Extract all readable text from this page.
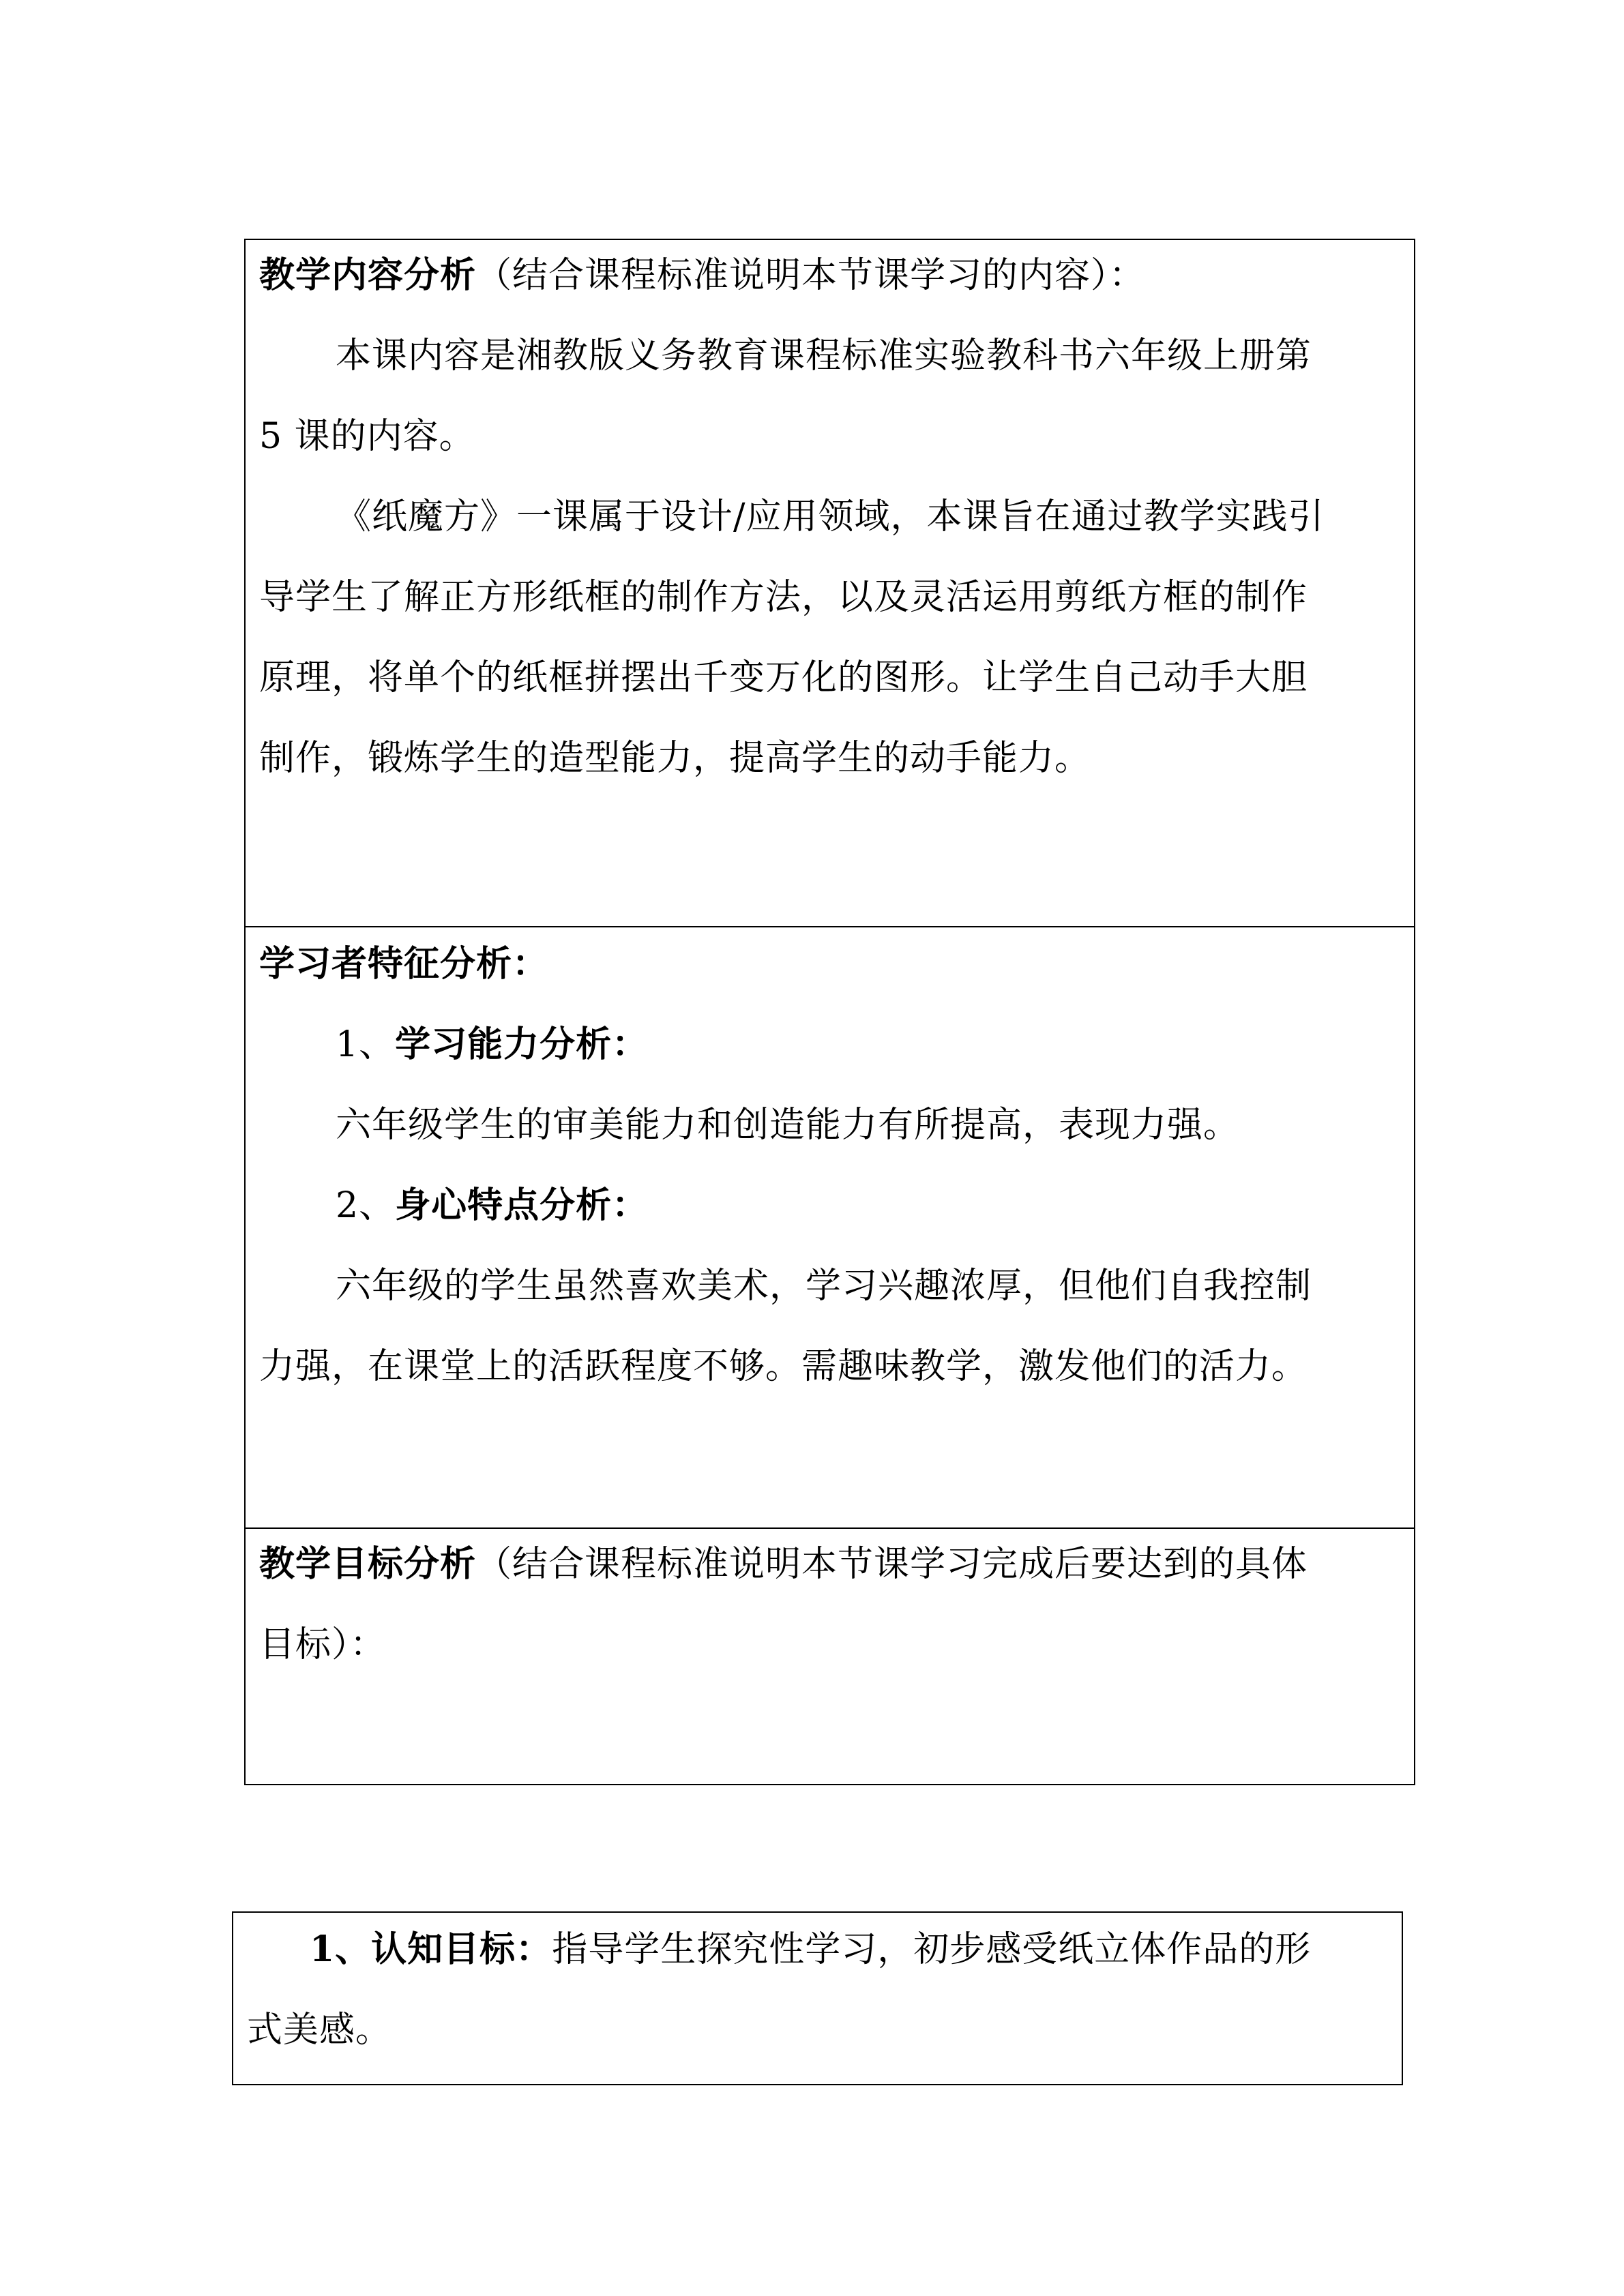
教学内容分析（结合课程标准说明本节课学习的内容）：
本课内容是湘教版义务教育课程标准实验教科书六年级上册第
5 课的内容。
《纸魔方》一课属于设计/应用领域，本课旨在通过教学实践引
导学生了解正方形纸框的制作方法，以及灵活运用剪纸方框的制作
原理，将单个的纸框拼摆出千变万化的图形。让学生自己动手大胆
制作，锻炼学生的造型能力，提高学生的动手能力。
学习者特征分析：
1、学习能力分析：
六年级学生的审美能力和创造能力有所提高，表现力强。
2、身心特点分析：
六年级的学生虽然喜欢美术，学习兴趣浓厚，但他们自我控制
力强，在课堂上的活跃程度不够。需趣味教学，激发他们的活力。
教学目标分析（结合课程标准说明本节课学习完成后要达到的具体
目标）：
1、认知目标：指导学生探究性学习，初步感受纸立体作品的形
式美感。
